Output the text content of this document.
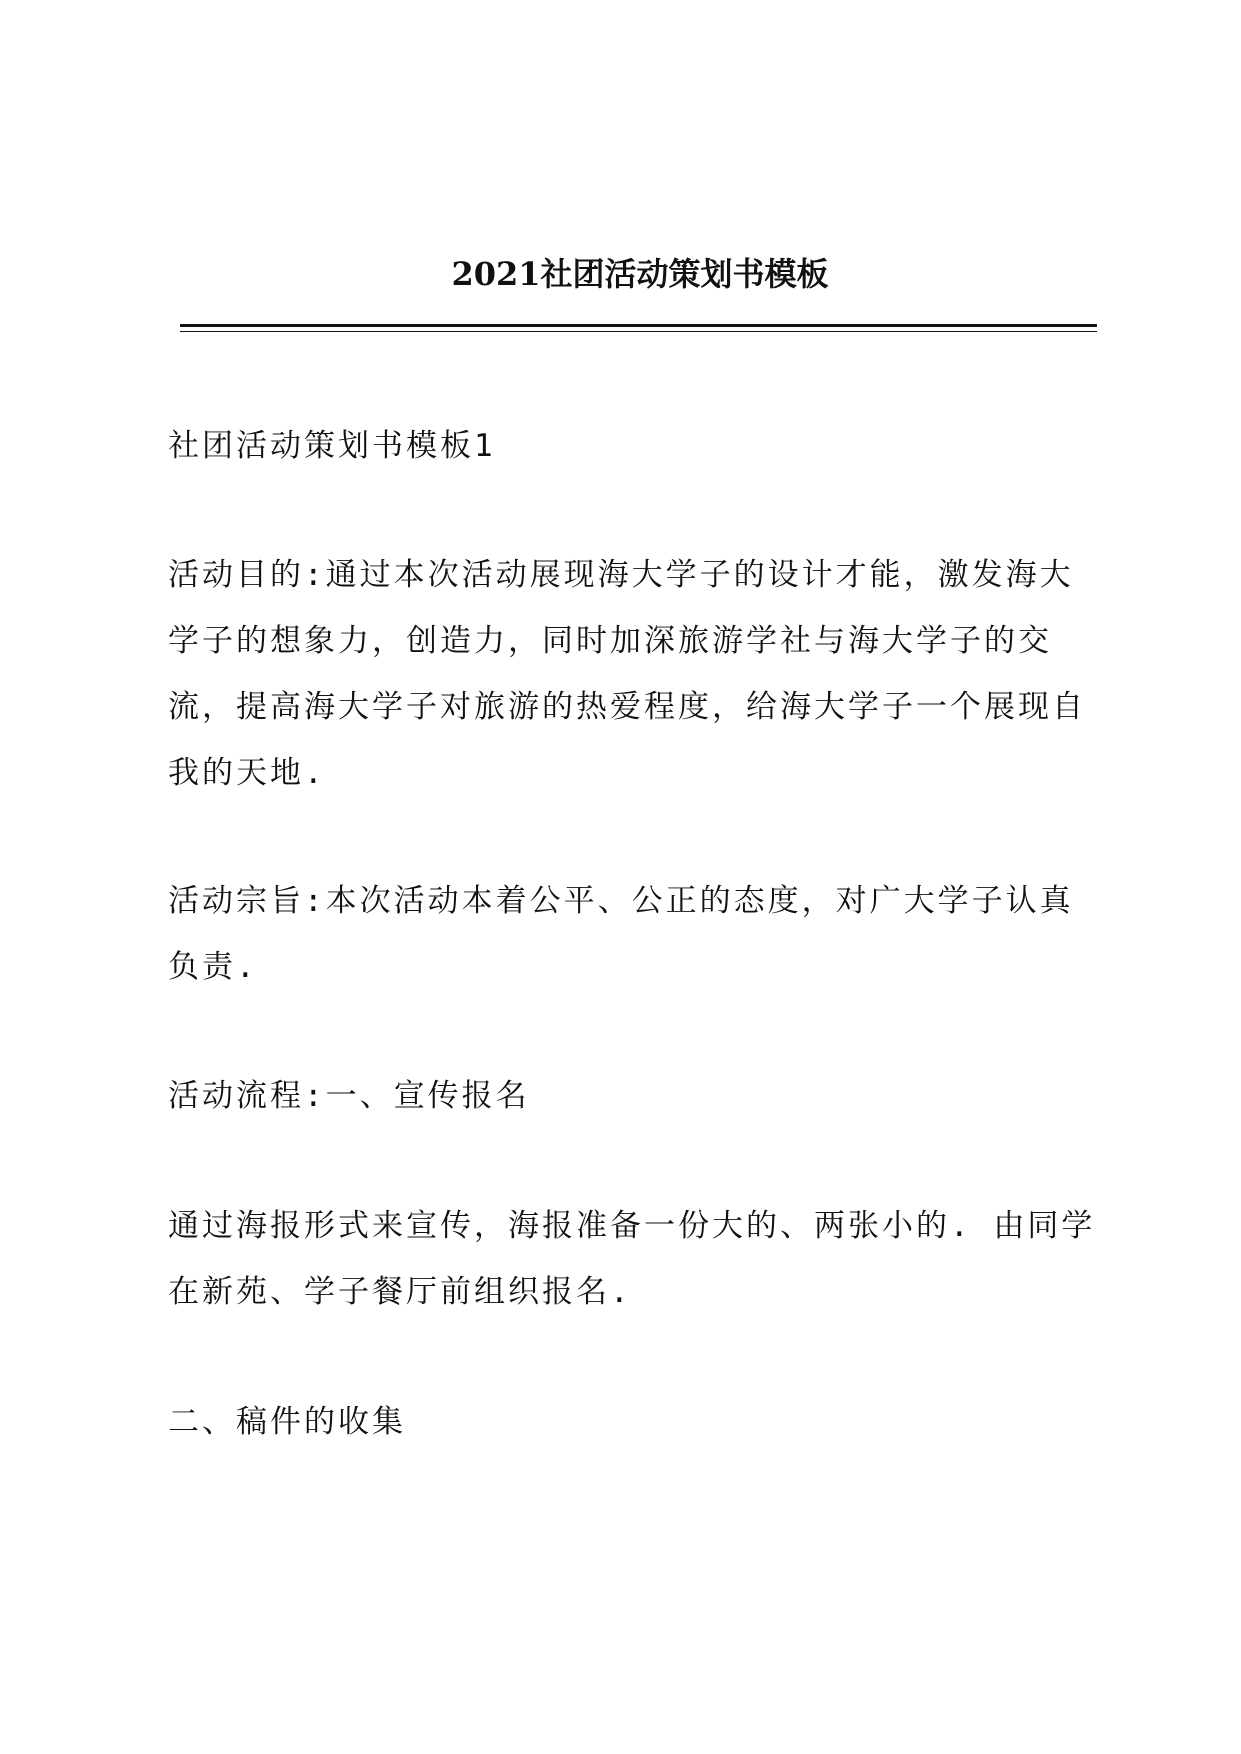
2021社团活动策划书模板

社团活动策划书模板1

活动目的:通过本次活动展现海大学子的设计才能，激发海大学子的想象力，创造力，同时加深旅游学社与海大学子的交流，提高海大学子对旅游的热爱程度，给海大学子一个展现自我的天地.

活动宗旨:本次活动本着公平、公正的态度，对广大学子认真负责.

活动流程:一、宣传报名

通过海报形式来宣传，海报准备一份大的、两张小的. 由同学在新苑、学子餐厅前组织报名.

二、稿件的收集
